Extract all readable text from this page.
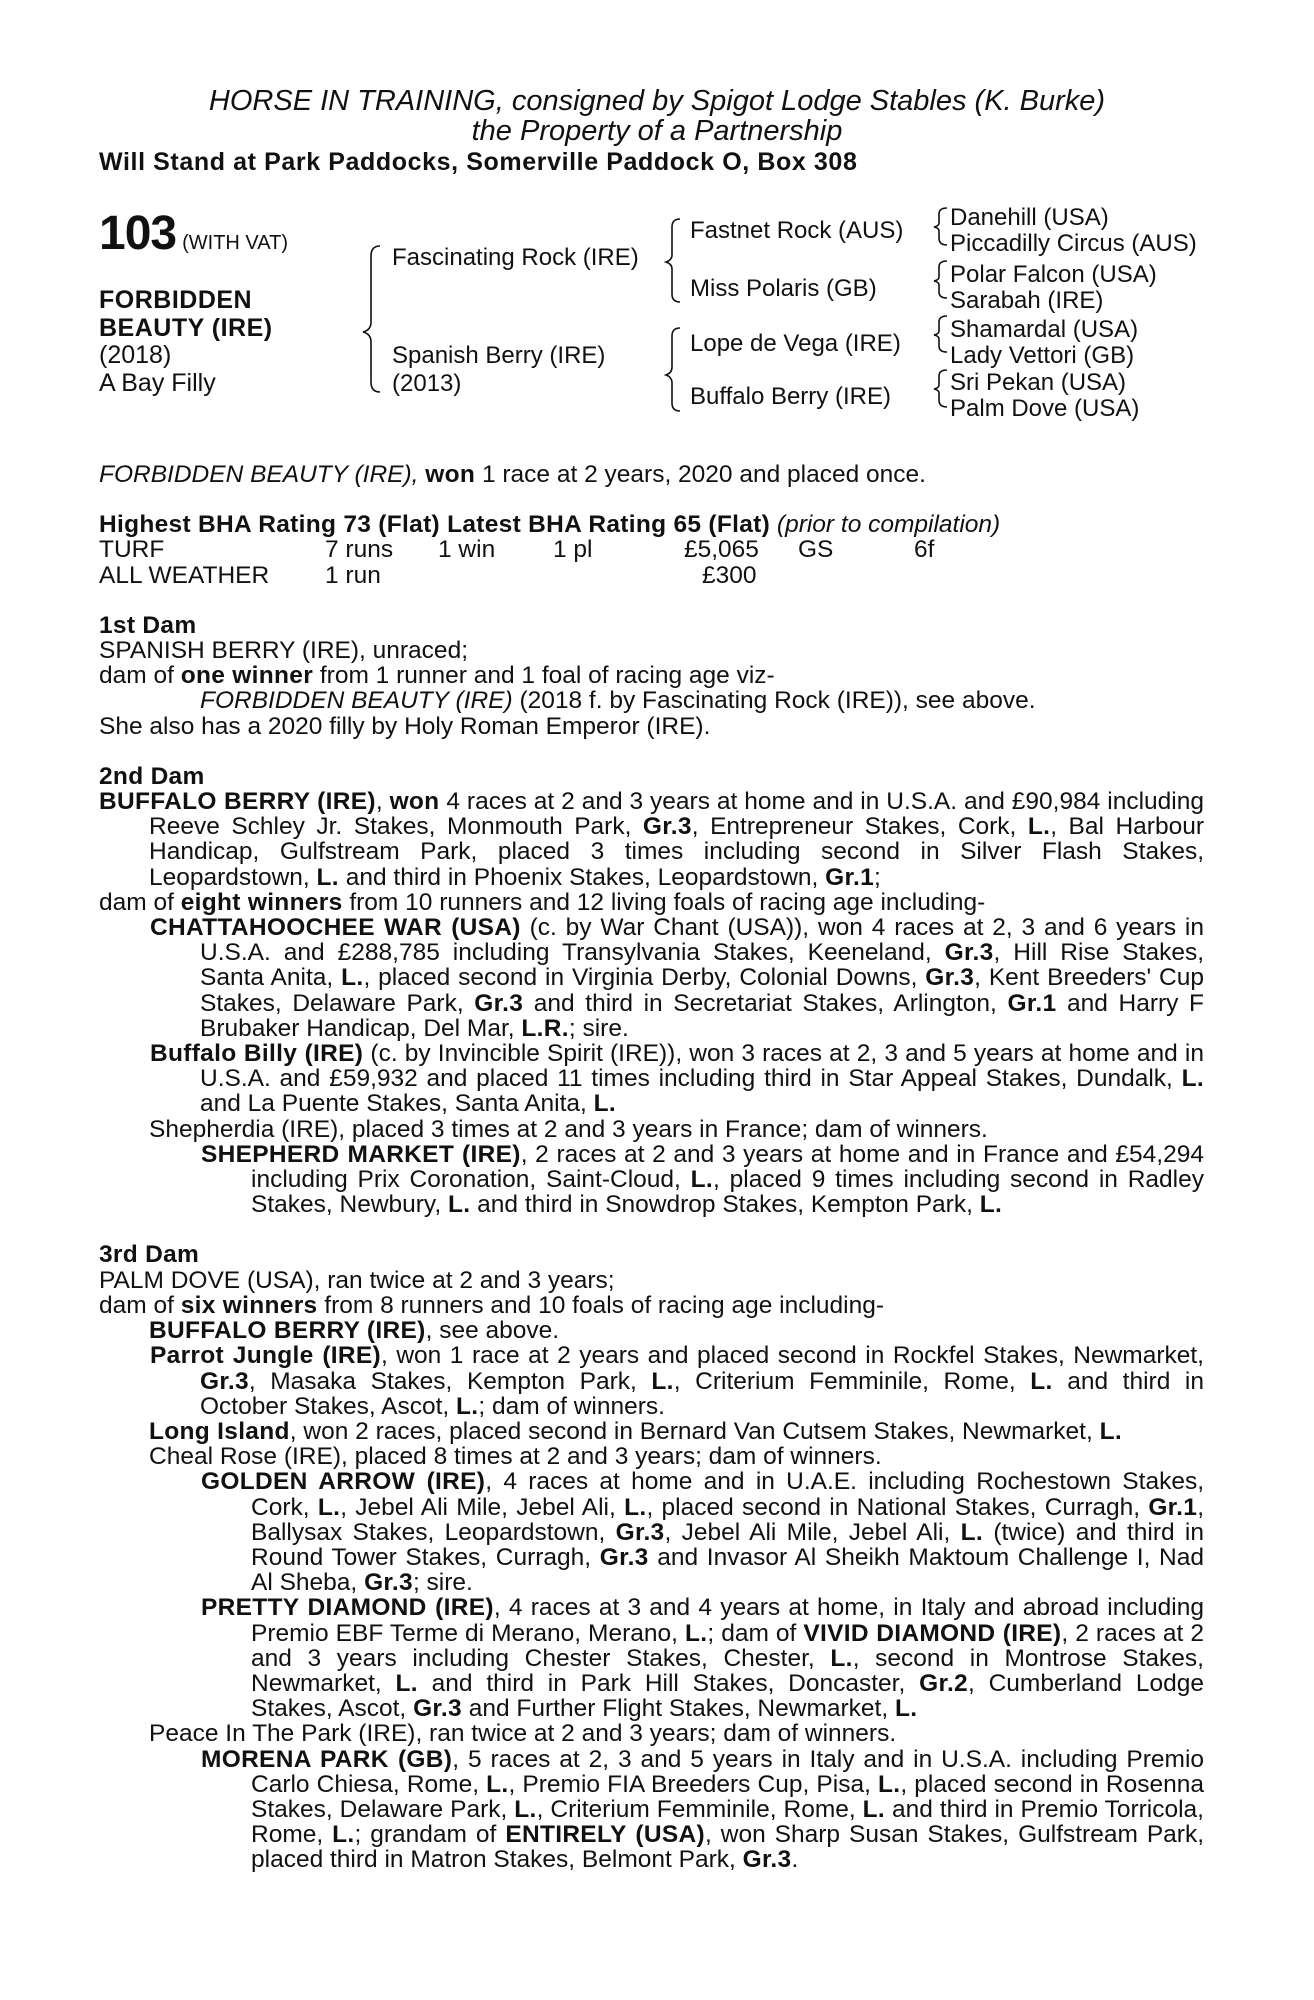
HORSE IN TRAINING, consigned by Spigot Lodge Stables (K. Burke)
the Property of a Partnership
Will Stand at Park Paddocks, Somerville Paddock O, Box 308
103 (WITH VAT)
FORBIDDEN
BEAUTY (IRE)
(2018)
A Bay Filly
Fascinating Rock (IRE)
Spanish Berry (IRE)
(2013)
Fastnet Rock (AUS)
Miss Polaris (GB)
Lope de Vega (IRE)
Buffalo Berry (IRE)
Danehill (USA)
Piccadilly Circus (AUS)
Polar Falcon (USA)
Sarabah (IRE)
Shamardal (USA)
Lady Vettori (GB)
Sri Pekan (USA)
Palm Dove (USA)

FORBIDDEN BEAUTY (IRE), won 1 race at 2 years, 2020 and placed once.

Highest BHA Rating 73 (Flat) Latest BHA Rating 65 (Flat) (prior to compilation)

TURF	7 runs	1 win	1 pl	£5,065	GS	6f
ALL WEATHER	1 run	£300

1st Dam

SPANISH BERRY (IRE), unraced;

dam of one winner from 1 runner and 1 foal of racing age viz-

FORBIDDEN BEAUTY (IRE) (2018 f. by Fascinating Rock (IRE)), see above.

She also has a 2020 filly by Holy Roman Emperor (IRE).

2nd Dam

BUFFALO BERRY (IRE), won 4 races at 2 and 3 years at home and in U.S.A. and £90,984 including Reeve Schley Jr. Stakes, Monmouth Park, Gr.3, Entrepreneur Stakes, Cork, L., Bal Harbour Handicap, Gulfstream Park, placed 3 times including second in Silver Flash Stakes, Leopardstown, L. and third in Phoenix Stakes, Leopardstown, Gr.1;

dam of eight winners from 10 runners and 12 living foals of racing age including-

CHATTAHOOCHEE WAR (USA) (c. by War Chant (USA)), won 4 races at 2, 3 and 6 years in U.S.A. and £288,785 including Transylvania Stakes, Keeneland, Gr.3, Hill Rise Stakes, Santa Anita, L., placed second in Virginia Derby, Colonial Downs, Gr.3, Kent Breeders' Cup Stakes, Delaware Park, Gr.3 and third in Secretariat Stakes, Arlington, Gr.1 and Harry F Brubaker Handicap, Del Mar, L.R.; sire.

Buffalo Billy (IRE) (c. by Invincible Spirit (IRE)), won 3 races at 2, 3 and 5 years at home and in U.S.A. and £59,932 and placed 11 times including third in Star Appeal Stakes, Dundalk, L. and La Puente Stakes, Santa Anita, L.

Shepherdia (IRE), placed 3 times at 2 and 3 years in France; dam of winners.

SHEPHERD MARKET (IRE), 2 races at 2 and 3 years at home and in France and £54,294 including Prix Coronation, Saint-Cloud, L., placed 9 times including second in Radley Stakes, Newbury, L. and third in Snowdrop Stakes, Kempton Park, L.

3rd Dam

PALM DOVE (USA), ran twice at 2 and 3 years;

dam of six winners from 8 runners and 10 foals of racing age including-

BUFFALO BERRY (IRE), see above.

Parrot Jungle (IRE), won 1 race at 2 years and placed second in Rockfel Stakes, Newmarket, Gr.3, Masaka Stakes, Kempton Park, L., Criterium Femminile, Rome, L. and third in October Stakes, Ascot, L.; dam of winners.

Long Island, won 2 races, placed second in Bernard Van Cutsem Stakes, Newmarket, L.

Cheal Rose (IRE), placed 8 times at 2 and 3 years; dam of winners.

GOLDEN ARROW (IRE), 4 races at home and in U.A.E. including Rochestown Stakes, Cork, L., Jebel Ali Mile, Jebel Ali, L., placed second in National Stakes, Curragh, Gr.1, Ballysax Stakes, Leopardstown, Gr.3, Jebel Ali Mile, Jebel Ali, L. (twice) and third in Round Tower Stakes, Curragh, Gr.3 and Invasor Al Sheikh Maktoum Challenge I, Nad Al Sheba, Gr.3; sire.

PRETTY DIAMOND (IRE), 4 races at 3 and 4 years at home, in Italy and abroad including Premio EBF Terme di Merano, Merano, L.; dam of VIVID DIAMOND (IRE), 2 races at 2 and 3 years including Chester Stakes, Chester, L., second in Montrose Stakes, Newmarket, L. and third in Park Hill Stakes, Doncaster, Gr.2, Cumberland Lodge Stakes, Ascot, Gr.3 and Further Flight Stakes, Newmarket, L.

Peace In The Park (IRE), ran twice at 2 and 3 years; dam of winners.

MORENA PARK (GB), 5 races at 2, 3 and 5 years in Italy and in U.S.A. including Premio Carlo Chiesa, Rome, L., Premio FIA Breeders Cup, Pisa, L., placed second in Rosenna Stakes, Delaware Park, L., Criterium Femminile, Rome, L. and third in Premio Torricola, Rome, L.; grandam of ENTIRELY (USA), won Sharp Susan Stakes, Gulfstream Park, placed third in Matron Stakes, Belmont Park, Gr.3.
